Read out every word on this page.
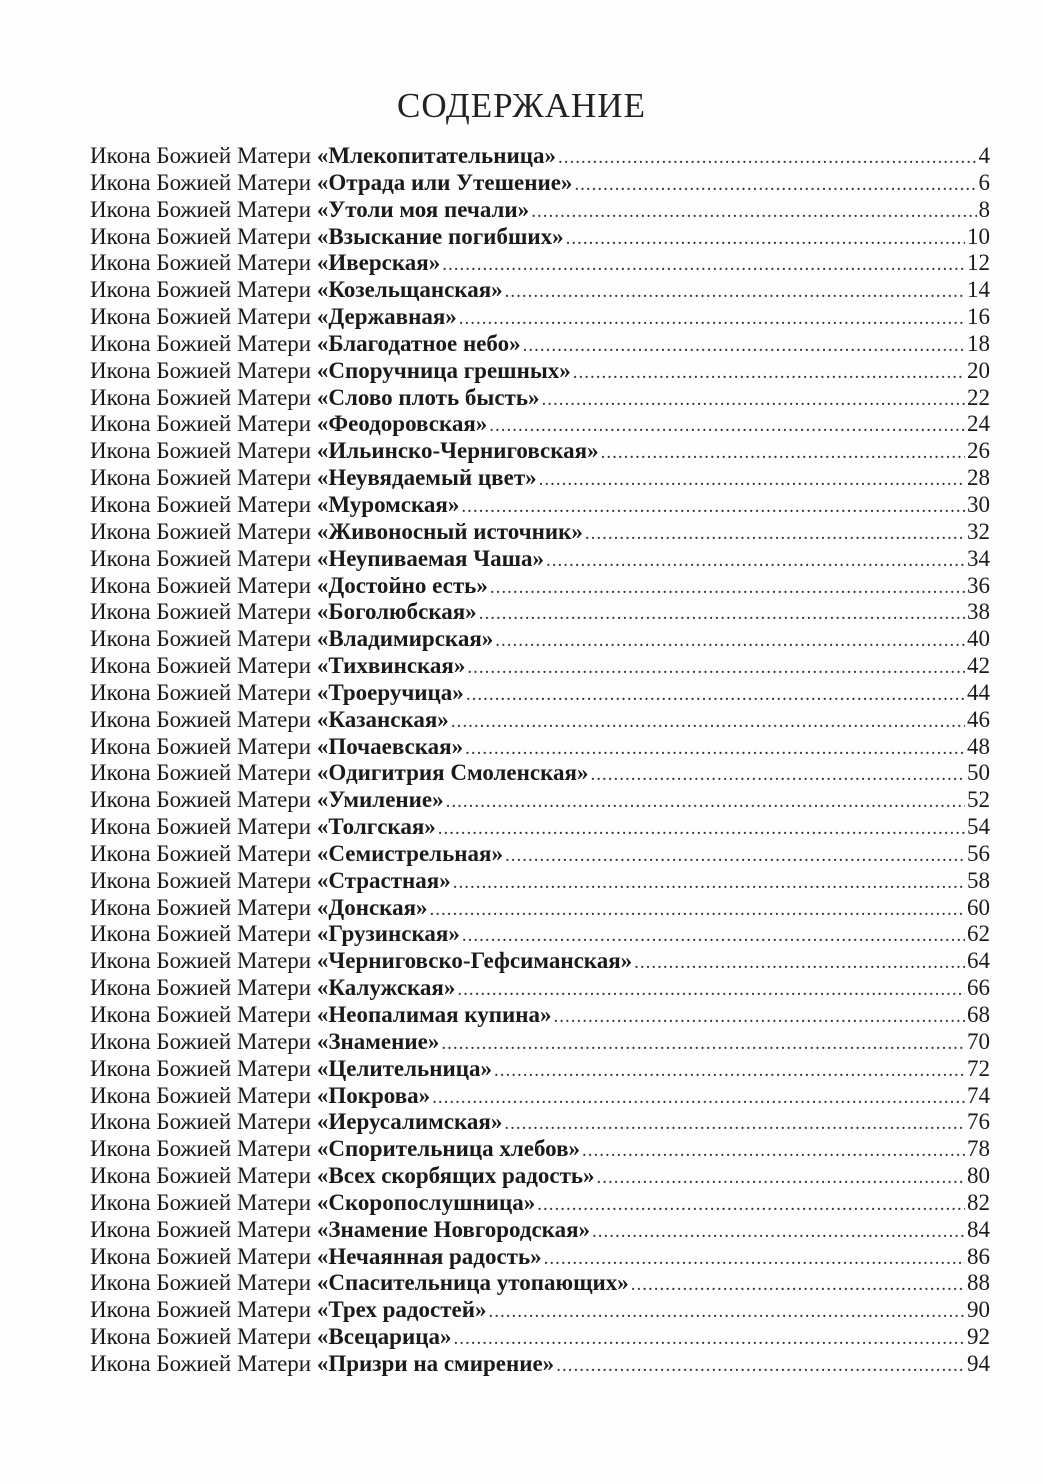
СОДЕРЖАНИЕ
Икона Божией Матери
«Млекопитательница» .....	4
Икона Божией Матери
«Отрада или Утешение» .....	6
Икона Божией Матери
«Утоли моя печали» .....	8
Икона Божией Матери
«Взыскание погибших» .....	10
Икона Божией Матери
«Иверская» .....	12
Икона Божией Матери
«Козельщанская» .....	14
Икона Божией Матери
«Державная» .....	16
Икона Божией Матери
«Благодатное небо» .....	18
Икона Божией Матери
«Споручница грешных» .....	20
Икона Божией Матери
«Слово плоть бысть» .....	22
Икона Божией Матери
«Феодоровская» .....	24
Икона Божией Матери
«Ильинско-Черниговская» .....	26
Икона Божией Матери
«Неувядаемый цвет» .....	28
Икона Божией Матери
«Муромская» .....	30
Икона Божией Матери
«Живоносный источник» .....	32
Икона Божией Матери
«Неупиваемая Чаша» .....	34
Икона Божией Матери
«Достойно есть» .....	36
Икона Божией Матери
«Боголюбская» .....	38
Икона Божией Матери
«Владимирская» .....	40
Икона Божией Матери
«Тихвинская» .....	42
Икона Божией Матери
«Троеручица» .....	44
Икона Божией Матери
«Казанская» .....	46
Икона Божией Матери
«Почаевская» .....	48
Икона Божией Матери
«Одигитрия Смоленская» .....	50
Икона Божией Матери
«Умиление» .....	52
Икона Божией Матери
«Толгская» .....	54
Икона Божией Матери
«Семистрельная» .....	56
Икона Божией Матери
«Страстная» .....	58
Икона Божией Матери
«Донская» .....	60
Икона Божией Матери
«Грузинская» .....	62
Икона Божией Матери
«Черниговско-Гефсиманская» .....	64
Икона Божией Матери
«Калужская» .....	66
Икона Божией Матери
«Неопалимая купина» .....	68
Икона Божией Матери
«Знамение» .....	70
Икона Божией Матери
«Целительница» .....	72
Икона Божией Матери
«Покрова» .....	74
Икона Божией Матери
«Иерусалимская» .....	76
Икона Божией Матери
«Спорительница хлебов» .....	78
Икона Божией Матери
«Всех скорбящих радость» .....	80
Икона Божией Матери
«Скоропослушница» .....	82
Икона Божией Матери
«Знамение Новгородская» .....	84
Икона Божией Матери
«Нечаянная радость» .....	86
Икона Божией Матери
«Спасительница утопающих» .....	88
Икона Божией Матери
«Трех радостей» .....	90
Икона Божией Матери
«Всецарица» .....	92
Икона Божией Матери
«Призри на смирение» .....	94
